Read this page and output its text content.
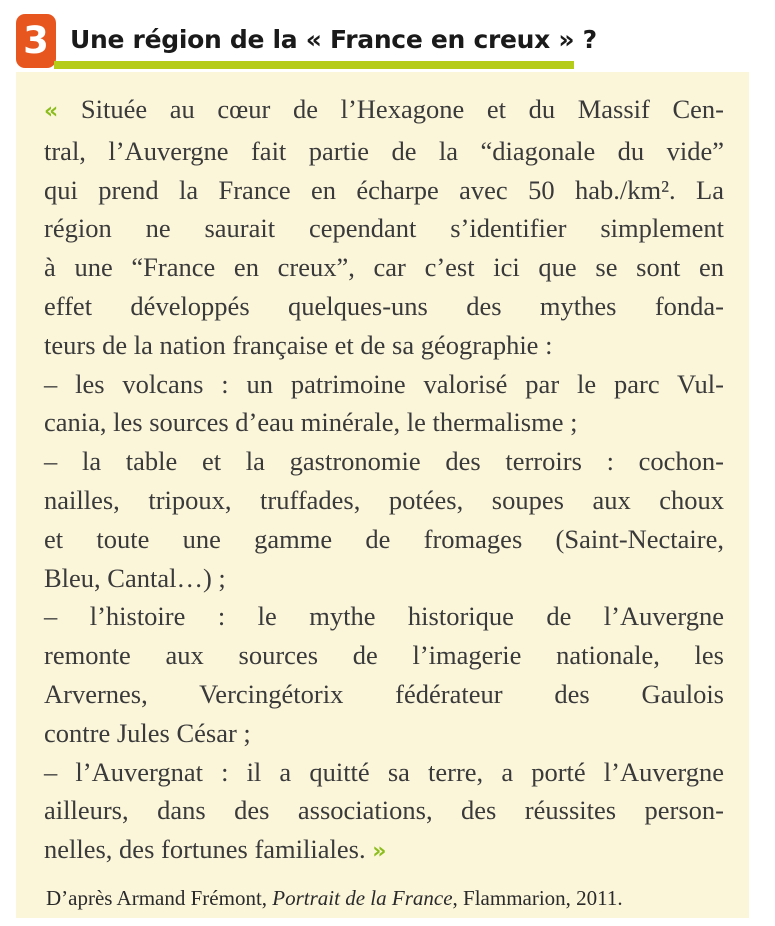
3 Une région de la « France en creux » ?
« Située au cœur de l’Hexagone et du Massif Cen-
tral, l’Auvergne fait partie de la “diagonale du vide”
qui prend la France en écharpe avec 50 hab./km². La
région ne saurait cependant s’identifier simplement
à une “France en creux”, car c’est ici que se sont en
effet développés quelques-uns des mythes fonda-
teurs de la nation française et de sa géographie :
– les volcans : un patrimoine valorisé par le parc Vul-
cania, les sources d’eau minérale, le thermalisme ;
– la table et la gastronomie des terroirs : cochon-
nailles, tripoux, truffades, potées, soupes aux choux
et toute une gamme de fromages (Saint-Nectaire,
Bleu, Cantal…) ;
– l’histoire : le mythe historique de l’Auvergne
remonte aux sources de l’imagerie nationale, les
Arvernes, Vercingétorix fédérateur des Gaulois
contre Jules César ;
– l’Auvergnat : il a quitté sa terre, a porté l’Auvergne
ailleurs, dans des associations, des réussites person-
nelles, des fortunes familiales. »
D’après Armand Frémont, Portrait de la France, Flammarion, 2011.
